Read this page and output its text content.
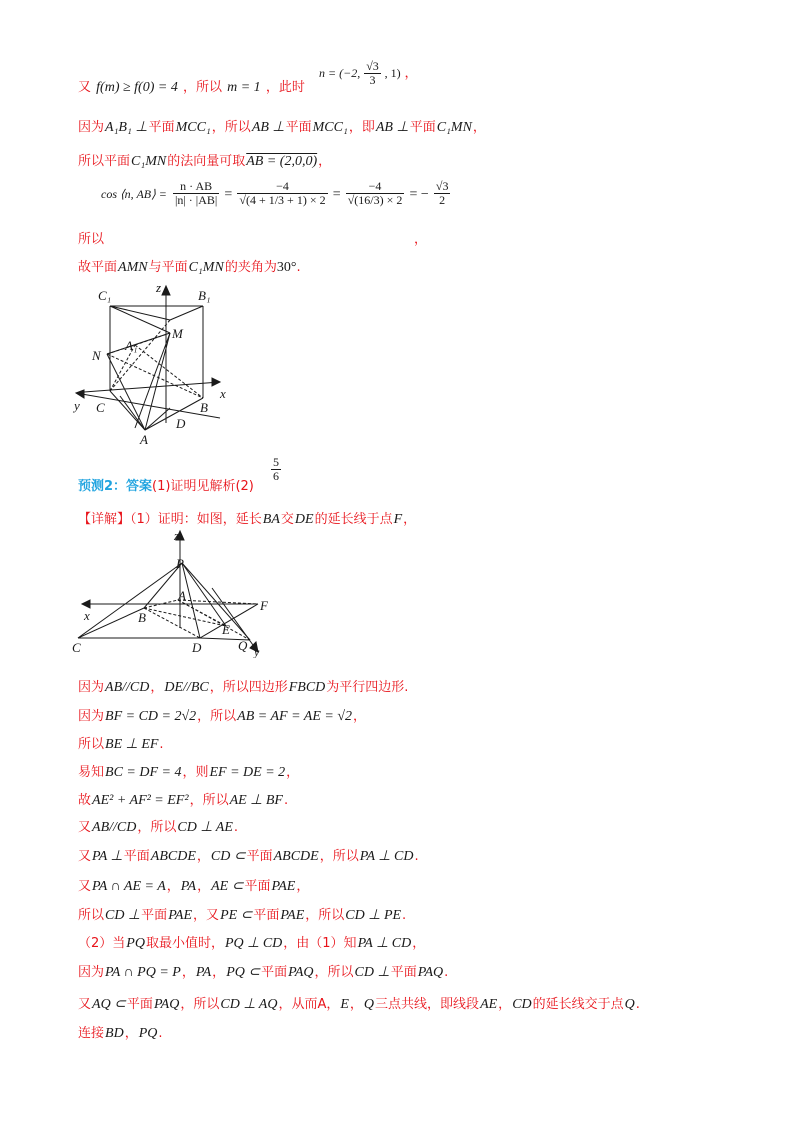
又 f(m) ≥ f(0) = 4 ，所以 m = 1 ，此时
n = (−2, $\frac{√3}{3}$ , 1) ，
因为A₁B₁ ⊥平面MCC₁，所以AB ⊥平面MCC₁，即AB ⊥平面C₁MN，
所以平面C₁MN的法向量可取AB = (2,0,0)，
cos ⟨n, AB⟩ = $\frac{n \cdot AB}{|n| \cdot |AB|} = \frac{-4}{√(4 + 1/3 + 1) \times 2} = \frac{-4}{√(16/3) \times 2}$ = − $\frac{√3}{2}$
所以	，
故平面AMN与平面C₁MN的夹角为30°.
C₁
z
B₁
M
N
A₁
y C	B
x
D
A
预测2：答案(1)证明见解析(2)
$\frac{5}{6}$
【详解】（1）证明：如图，延长BA交DE的延长线于点F，
z
P
A
x
F
B
E
C	D	Q y
因为AB//CD，DE//BC，所以四边形FBCD为平行四边形.
因为BF = CD = 2√2，所以AB = AF = AE = √2，
所以BE ⊥ EF.
易知BC = DF = 4，则EF = DE = 2，
故AE² + AF² = EF²，所以AE ⊥ BF.
又AB//CD，所以CD ⊥ AE.
又PA ⊥平面ABCDE，CD ⊂平面ABCDE，所以PA ⊥ CD.
又PA ∩ AE = A，PA，AE ⊂平面PAE，
所以CD ⊥平面PAE，又PE ⊂平面PAE，所以CD ⊥ PE.
（2）当PQ取最小值时，PQ ⊥ CD，由（1）知PA ⊥ CD，
因为PA ∩ PQ = P，PA，PQ ⊂平面PAQ，所以CD ⊥平面PAQ.
又AQ ⊂平面PAQ，所以CD ⊥ AQ，从而A，E，Q三点共线，即线段AE，CD的延长线交于点Q.
连接BD，PQ.
